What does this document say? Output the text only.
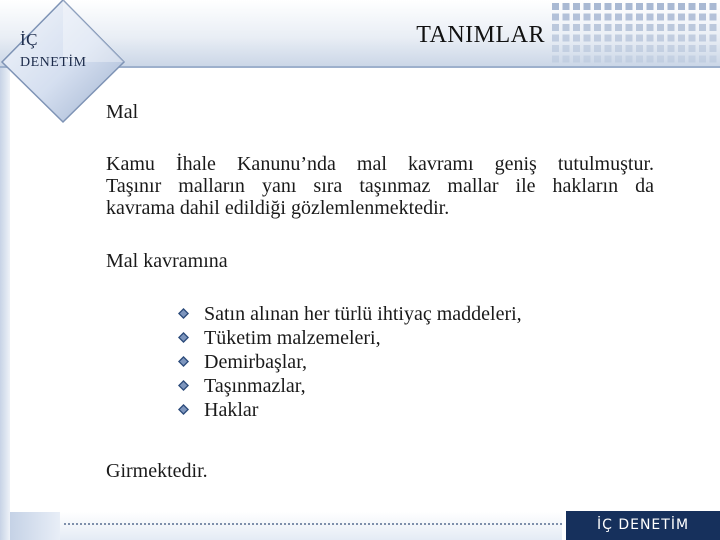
İÇ
DENETİM
TANIMLAR
Mal
Kamu İhale Kanunu’nda mal kavramı geniş tutulmuştur.
Taşınır malların yanı sıra taşınmaz mallar ile hakların da
kavrama dahil edildiği gözlemlenmektedir.
Mal kavramına
Satın alınan her türlü ihtiyaç maddeleri,
Tüketim malzemeleri,
Demirbaşlar,
Taşınmazlar,
Haklar
Girmektedir.
İÇ DENETİM
